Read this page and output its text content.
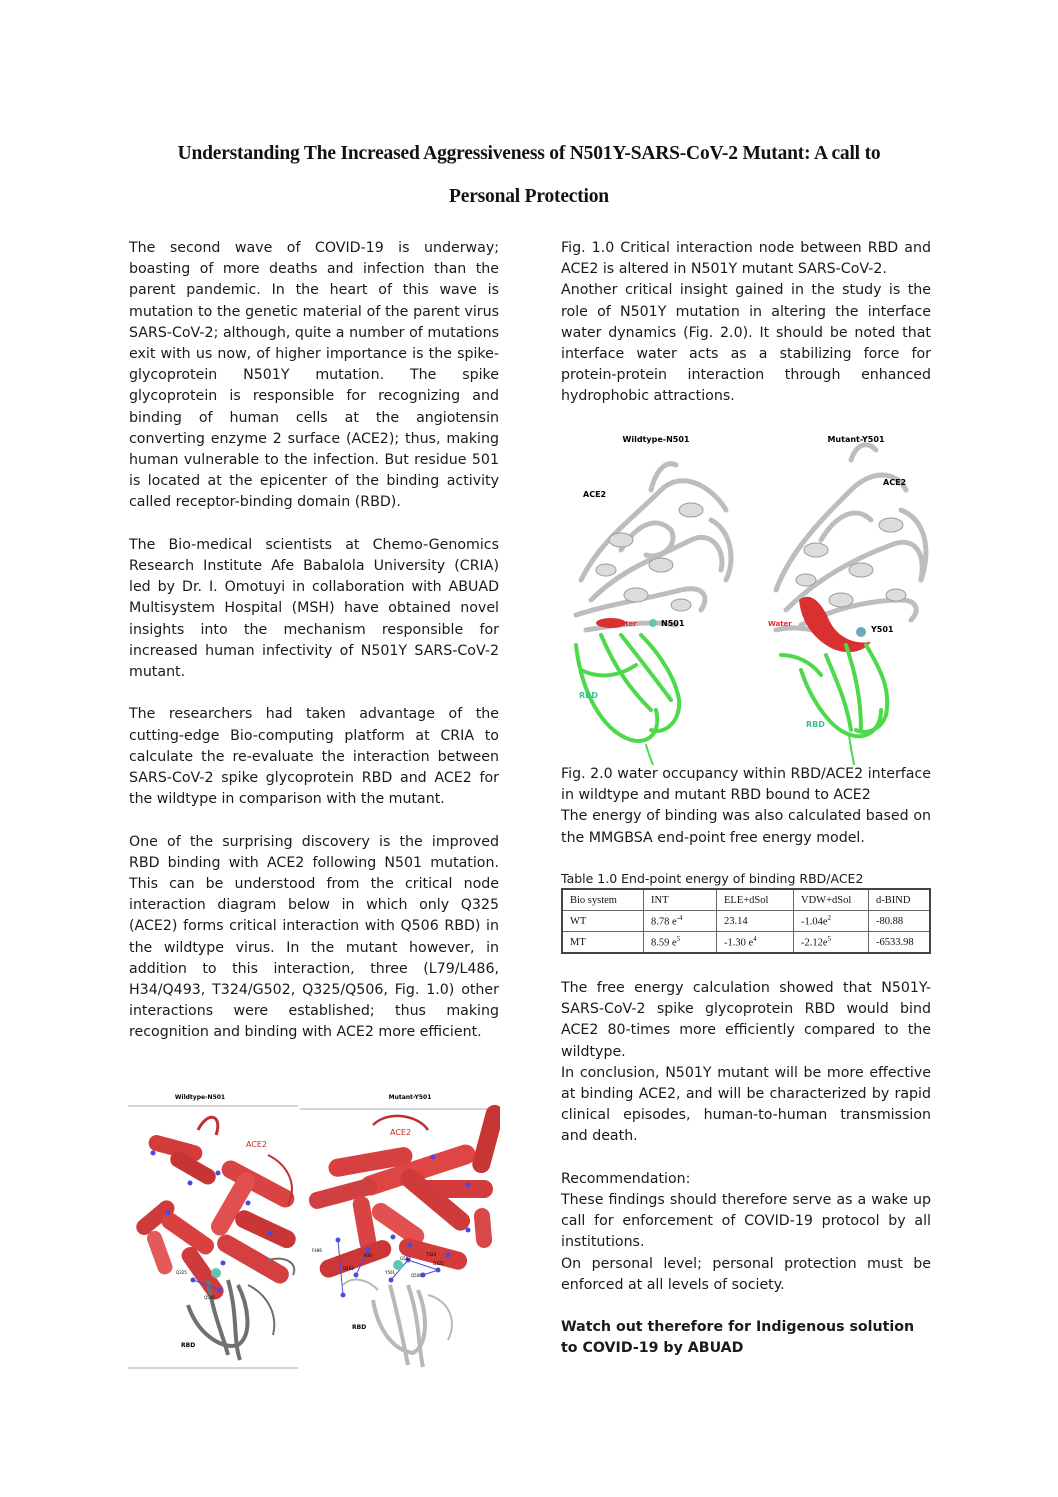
Understanding The Increased Aggressiveness of N501Y-SARS-CoV-2 Mutant: A call to
Personal Protection

The second wave of COVID-19 is underway; boasting of more deaths and infection than the parent pandemic. In the heart of this wave is mutation to the genetic material of the parent virus SARS-CoV-2; although, quite a number of mutations exit with us now, of higher importance is the spike-glycoprotein N501Y mutation. The spike glycoprotein is responsible for recognizing and binding of human cells at the angiotensin converting enzyme 2 surface (ACE2); thus, making human vulnerable to the infection. But residue 501 is located at the epicenter of the binding activity called receptor-binding domain (RBD).

The Bio-medical scientists at Chemo-Genomics Research Institute Afe Babalola University (CRIA) led by Dr. I. Omotuyi in collaboration with ABUAD Multisystem Hospital (MSH) have obtained novel insights into the mechanism responsible for increased human infectivity of N501Y SARS-CoV-2 mutant.

The researchers had taken advantage of the cutting-edge Bio-computing platform at CRIA to calculate the re-evaluate the interaction between SARS-CoV-2 spike glycoprotein RBD and ACE2 for the wildtype in comparison with the mutant.

One of the surprising discovery is the improved RBD binding with ACE2 following N501 mutation. This can be understood from the critical node interaction diagram below in which only Q325 (ACE2) forms critical interaction with Q506 RBD) in the wildtype virus. In the mutant however, in addition to this interaction, three (L79/L486, H34/Q493, T324/G502, Q325/Q506, Fig. 1.0) other interactions were established; thus making recognition and binding with ACE2 more efficient.

Wildtype-N501	Mutant-Y501
ACE2
Q325
Q506
RBD
ACE2
F486
H34
Q493
G502
T324
Q325
Y501
Q506
RBD

Fig. 1.0 Critical interaction node between RBD and ACE2 is altered in N501Y mutant SARS-CoV-2.

Another critical insight gained in the study is the role of N501Y mutation in altering the interface water dynamics (Fig. 2.0). It should be noted that interface water acts as a stabilizing force for protein-protein interaction through enhanced hydrophobic attractions.

Wildtype-N501	Mutant-Y501
ACE2
Water	N501
RBD
ACE2
Water
Y501
RBD

Fig. 2.0 water occupancy within RBD/ACE2 interface in wildtype and mutant RBD bound to ACE2

The energy of binding was also calculated based on the MMGBSA end-point free energy model.

Table 1.0 End-point energy of binding RBD/ACE2
Bio system	INT	ELE+dSol	VDW+dSol	d-BIND
WT	8.78 $e^{-4}$	23.14	$-1.04e^2$	-80.88
MT	8.59 $e^5$	-1.30 $e^4$	$-2.12e^5$	-6533.98

The free energy calculation showed that N501Y-SARS-CoV-2 spike glycoprotein RBD would bind ACE2 80-times more efficiently compared to the wildtype.

In conclusion, N501Y mutant will be more effective at binding ACE2, and will be characterized by rapid clinical episodes, human-to-human transmission and death.

Recommendation:

These findings should therefore serve as a wake up call for enforcement of COVID-19 protocol by all institutions.

On personal level; personal protection must be enforced at all levels of society.

Watch out therefore for Indigenous solution to COVID-19 by ABUAD
